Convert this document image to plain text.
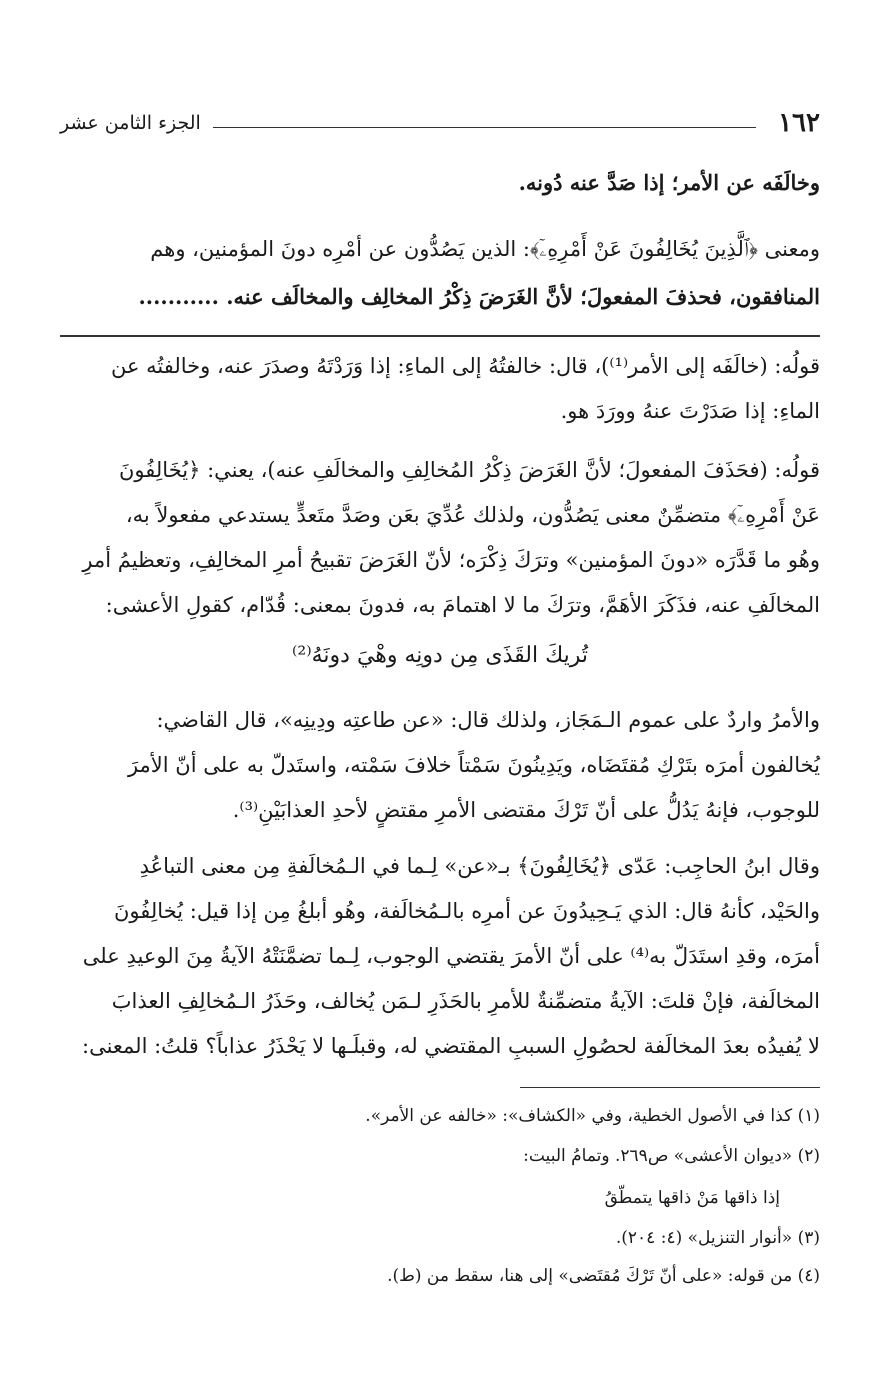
١٦٢
الجزء الثامن عشر
وخالَفَه عن الأمر؛ إذا صَدَّ عنه دُونه.
ومعنى ﴿ٱلَّذِينَ يُخَالِفُونَ عَنْ أَمْرِهِۦٓ﴾: الذين يَصُدُّون عن أمْرِه دونَ المؤمنين، وهم
المنافقون، فحذفَ المفعولَ؛ لأنَّ الغَرَضَ ذِكْرُ المخالِف والمخالَف عنه. ...........
قولُه: (خالَفَه إلى الأمر⁽¹⁾)، قال: خالفتُهُ إلى الماءِ: إذا وَرَدْتَهُ وصدَرَ عنه، وخالفتُه عن
الماءِ: إذا صَدَرْتَ عنهُ وورَدَ هو.
قولُه: (فحَذَفَ المفعولَ؛ لأنَّ الغَرَضَ ذِكْرُ المُخالِفِ والمخالَفِ عنه)، يعني: ﴿يُخَالِفُونَ
عَنْ أَمْرِهِۦٓ﴾ متضمِّنٌ معنى يَصُدُّون، ولذلك عُدِّيَ بعَن وصَدَّ متَعدٍّ يستدعي مفعولاً به،
وهُو ما قَدَّرَه «دونَ المؤمنين» وترَكَ ذِكْرَه؛ لأنّ الغَرَضَ تقبيحُ أمرِ المخالِفِ، وتعظيمُ أمرِ
المخالَفِ عنه، فذَكَرَ الأهَمَّ، وترَكَ ما لا اهتمامَ به، فدونَ بمعنى: قُدّام، كقولِ الأعشى:
تُريكَ القَذَى مِن دونِه وهْيَ دونَهُ⁽²⁾
والأمرُ واردٌ على عموم الـمَجَاز، ولذلك قال: «عن طاعتِه ودِينِه»، قال القاضي:
يُخالفون أمرَه بتَرْكِ مُقتَضَاه، ويَدِينُونَ سَمْتاً خلافَ سَمْته، واستَدلّ به على أنّ الأمرَ
للوجوب، فإنهُ يَدُلُّ على أنّ تَرْكَ مقتضى الأمرِ مقتضٍ لأحدِ العذابَيْنِ⁽³⁾.
وقال ابنُ الحاجِب: عَدّى ﴿يُخَالِفُونَ﴾ بـ«عن» لِـما في الـمُخالَفةِ مِن معنى التباعُدِ
والحَيْد، كأنهُ قال: الذي يَـحِيدُونَ عن أمرِه بالـمُخالَفة، وهُو أبلغُ مِن إذا قيل: يُخالِفُونَ
أمرَه، وقدِ استَدَلّ به⁽⁴⁾ على أنّ الأمرَ يقتضي الوجوب، لِـما تضمَّنَتْهُ الآيةُ مِنَ الوعيدِ على
المخالَفة، فإنْ قلتَ: الآيةُ متضمِّنةٌ للأمرِ بالحَذَرِ لـمَن يُخالف، وحَذَرُ الـمُخالِفِ العذابَ
لا يُفيدُه بعدَ المخالَفة لحصُولِ السببِ المقتضي له، وقبلَـها لا يَحْذَرُ عذاباً؟ قلتُ: المعنى:
(١) كذا في الأصول الخطية، وفي «الكشاف»: «خالفه عن الأمر».
(٢) «ديوان الأعشى» ص٢٦٩. وتمامُ البيت:
إذا ذاقها مَنْ ذاقها يتمطّقُ
(٣) «أنوار التنزيل» (٤: ٢٠٤).
(٤) من قوله: «على أنّ تَرْكَ مُقتَضى» إلى هنا، سقط من (ط).
